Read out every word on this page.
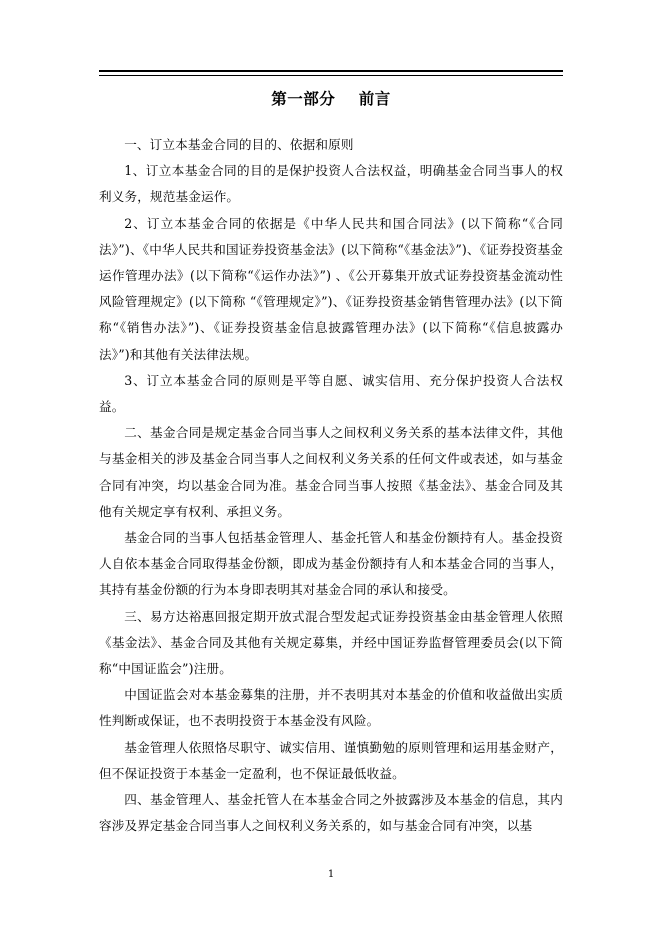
第一部分    前言

一、订立本基金合同的目的、依据和原则

1、订立本基金合同的目的是保护投资人合法权益，明确基金合同当事人的权利义务，规范基金运作。

2、订立本基金合同的依据是《中华人民共和国合同法》(以下简称“《合同法》”)、《中华人民共和国证券投资基金法》(以下简称“《基金法》”)、《证券投资基金运作管理办法》(以下简称“《运作办法》”) 、《公开募集开放式证券投资基金流动性风险管理规定》(以下简称 “《管理规定》”)、《证券投资基金销售管理办法》(以下简称“《销售办法》”)、《证券投资基金信息披露管理办法》(以下简称“《信息披露办法》”)和其他有关法律法规。

3、订立本基金合同的原则是平等自愿、诚实信用、充分保护投资人合法权益。

二、基金合同是规定基金合同当事人之间权利义务关系的基本法律文件，其他与基金相关的涉及基金合同当事人之间权利义务关系的任何文件或表述，如与基金合同有冲突，均以基金合同为准。基金合同当事人按照《基金法》、基金合同及其他有关规定享有权利、承担义务。

基金合同的当事人包括基金管理人、基金托管人和基金份额持有人。基金投资人自依本基金合同取得基金份额，即成为基金份额持有人和本基金合同的当事人，其持有基金份额的行为本身即表明其对基金合同的承认和接受。

三、易方达裕惠回报定期开放式混合型发起式证券投资基金由基金管理人依照《基金法》、基金合同及其他有关规定募集，并经中国证券监督管理委员会(以下简称“中国证监会”)注册。

中国证监会对本基金募集的注册，并不表明其对本基金的价值和收益做出实质性判断或保证，也不表明投资于本基金没有风险。

基金管理人依照恪尽职守、诚实信用、谨慎勤勉的原则管理和运用基金财产，但不保证投资于本基金一定盈利，也不保证最低收益。

四、基金管理人、基金托管人在本基金合同之外披露涉及本基金的信息，其内容涉及界定基金合同当事人之间权利义务关系的，如与基金合同有冲突，以基

1
